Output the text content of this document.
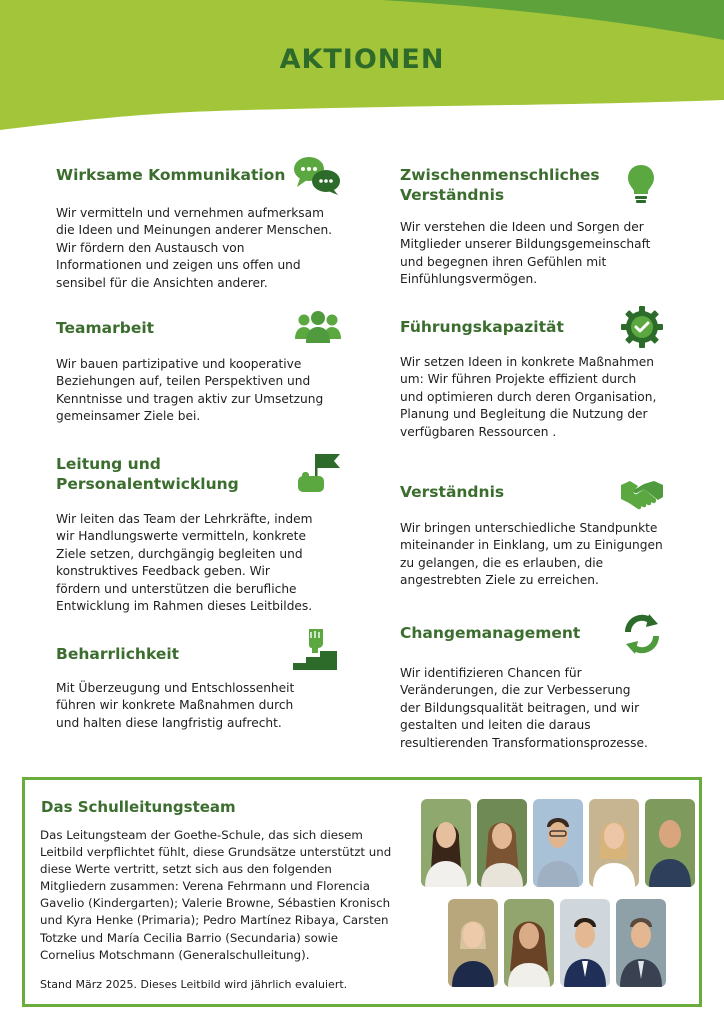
AKTIONEN
Wirksame Kommunikation
Wir vermitteln und vernehmen aufmerksam
die Ideen und Meinungen anderer Menschen.
Wir fördern den Austausch von
Informationen und zeigen uns offen und
sensibel für die Ansichten anderer.
Zwischenmenschliches
Verständnis
Wir verstehen die Ideen und Sorgen der
Mitglieder unserer Bildungsgemeinschaft
und begegnen ihren Gefühlen mit
Einfühlungsvermögen.
Teamarbeit
Wir bauen partizipative und kooperative
Beziehungen auf, teilen Perspektiven und
Kenntnisse und tragen aktiv zur Umsetzung
gemeinsamer Ziele bei.
Führungskapazität
Wir setzen Ideen in konkrete Maßnahmen
um: Wir führen Projekte effizient durch
und optimieren durch deren Organisation,
Planung und Begleitung die Nutzung der
verfügbaren Ressourcen .
Leitung und
Personalentwicklung
Wir leiten das Team der Lehrkräfte, indem
wir Handlungswerte vermitteln, konkrete
Ziele setzen, durchgängig begleiten und
konstruktives Feedback geben. Wir
fördern und unterstützen die berufliche
Entwicklung im Rahmen dieses Leitbildes.
Verständnis
Wir bringen unterschiedliche Standpunkte
miteinander in Einklang, um zu Einigungen
zu gelangen, die es erlauben, die
angestrebten Ziele zu erreichen.
Beharrlichkeit
Mit Überzeugung und Entschlossenheit
führen wir konkrete Maßnahmen durch
und halten diese langfristig aufrecht.
Changemanagement
Wir identifizieren Chancen für
Veränderungen, die zur Verbesserung
der Bildungsqualität beitragen, und wir
gestalten und leiten die daraus
resultierenden Transformationsprozesse.
Das Schulleitungsteam
Das Leitungsteam der Goethe-Schule, das sich diesem
Leitbild verpflichtet fühlt, diese Grundsätze unterstützt und
diese Werte vertritt, setzt sich aus den folgenden
Mitgliedern zusammen: Verena Fehrmann und Florencia
Gavelio (Kindergarten); Valerie Browne, Sébastien Kronisch
und Kyra Henke (Primaria); Pedro Martínez Ribaya, Carsten
Totzke und María Cecilia Barrio (Secundaria) sowie
Cornelius Motschmann (Generalschulleitung).
Stand März 2025. Dieses Leitbild wird jährlich evaluiert.
